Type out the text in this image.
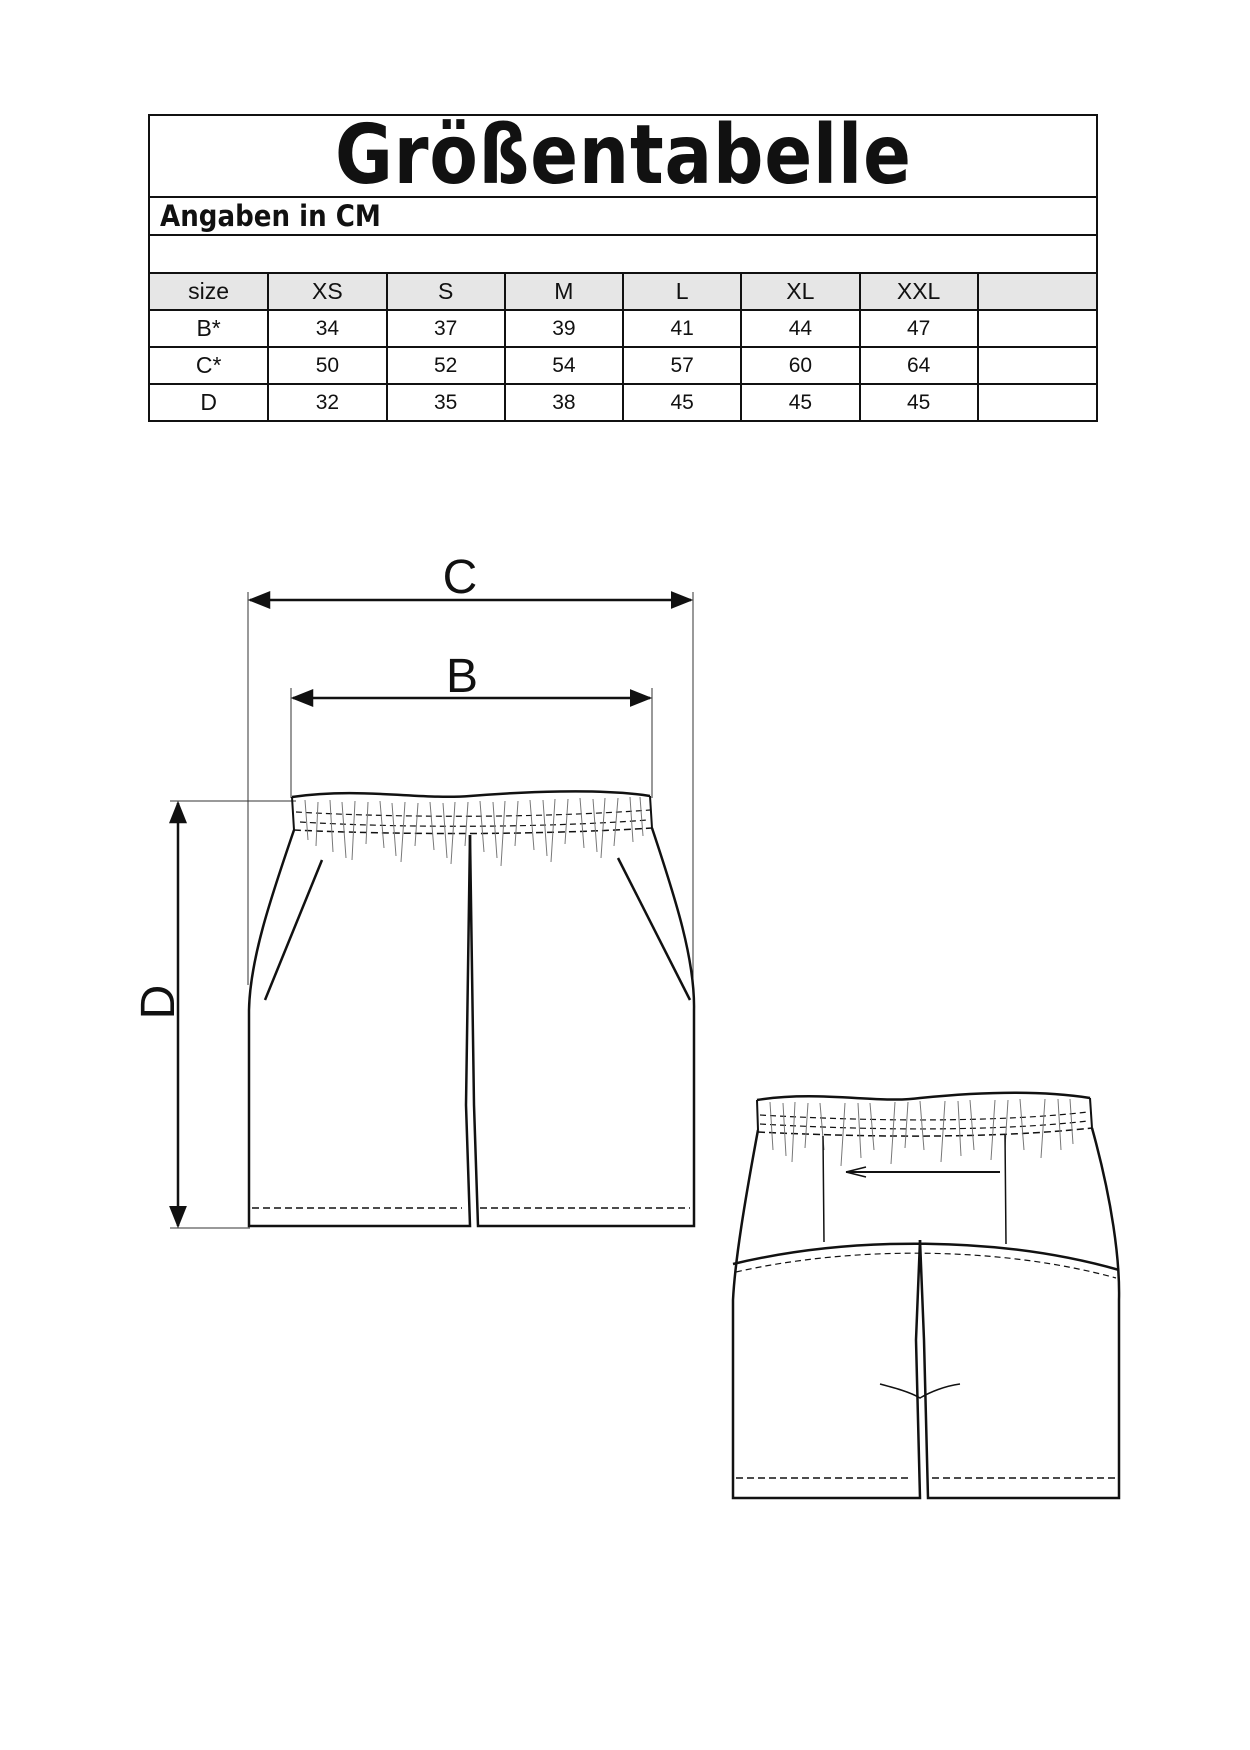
Größentabelle
Angaben in CM
size	XS	S	M	L	XL	XXL	
B*	34	37	39	41	44	47	
C*	50	52	54	57	60	64	
D	32	35	38	45	45	45	
C
B
D
